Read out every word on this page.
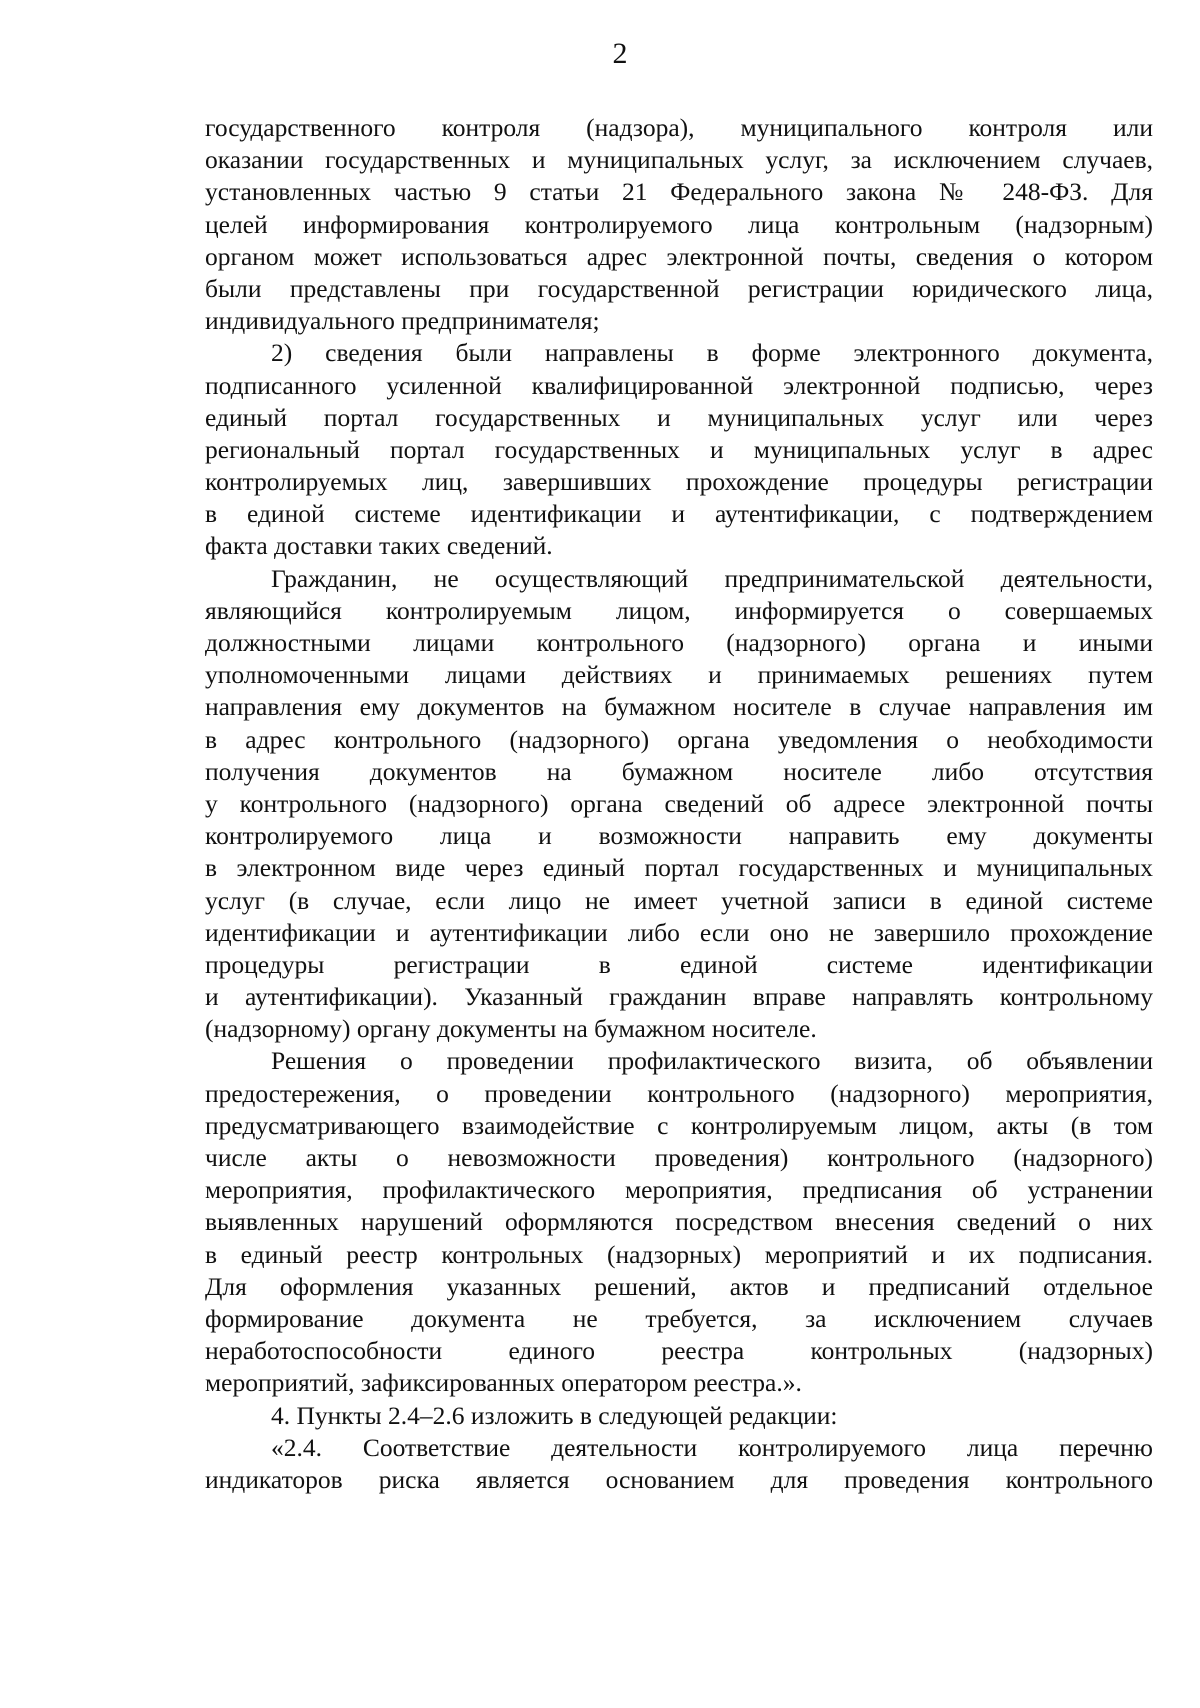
2
государственного контроля (надзора), муниципального контроля или
оказании государственных и муниципальных услуг, за исключением случаев,
установленных частью 9 статьи 21 Федерального закона № 248-ФЗ. Для
целей информирования контролируемого лица контрольным (надзорным)
органом может использоваться адрес электронной почты, сведения о котором
были представлены при государственной регистрации юридического лица,
индивидуального предпринимателя;
2) сведения были направлены в форме электронного документа,
подписанного усиленной квалифицированной электронной подписью, через
единый портал государственных и муниципальных услуг или через
региональный портал государственных и муниципальных услуг в адрес
контролируемых лиц, завершивших прохождение процедуры регистрации
в единой системе идентификации и аутентификации, с подтверждением
факта доставки таких сведений.
Гражданин, не осуществляющий предпринимательской деятельности,
являющийся контролируемым лицом, информируется о совершаемых
должностными лицами контрольного (надзорного) органа и иными
уполномоченными лицами действиях и принимаемых решениях путем
направления ему документов на бумажном носителе в случае направления им
в адрес контрольного (надзорного) органа уведомления о необходимости
получения документов на бумажном носителе либо отсутствия
у контрольного (надзорного) органа сведений об адресе электронной почты
контролируемого лица и возможности направить ему документы
в электронном виде через единый портал государственных и муниципальных
услуг (в случае, если лицо не имеет учетной записи в единой системе
идентификации и аутентификации либо если оно не завершило прохождение
процедуры регистрации в единой системе идентификации
и аутентификации). Указанный гражданин вправе направлять контрольному
(надзорному) органу документы на бумажном носителе.
Решения о проведении профилактического визита, об объявлении
предостережения, о проведении контрольного (надзорного) мероприятия,
предусматривающего взаимодействие с контролируемым лицом, акты (в том
числе акты о невозможности проведения) контрольного (надзорного)
мероприятия, профилактического мероприятия, предписания об устранении
выявленных нарушений оформляются посредством внесения сведений о них
в единый реестр контрольных (надзорных) мероприятий и их подписания.
Для оформления указанных решений, актов и предписаний отдельное
формирование документа не требуется, за исключением случаев
неработоспособности единого реестра контрольных (надзорных)
мероприятий, зафиксированных оператором реестра.».
4. Пункты 2.4–2.6 изложить в следующей редакции:
«2.4. Соответствие деятельности контролируемого лица перечню
индикаторов риска является основанием для проведения контрольного
